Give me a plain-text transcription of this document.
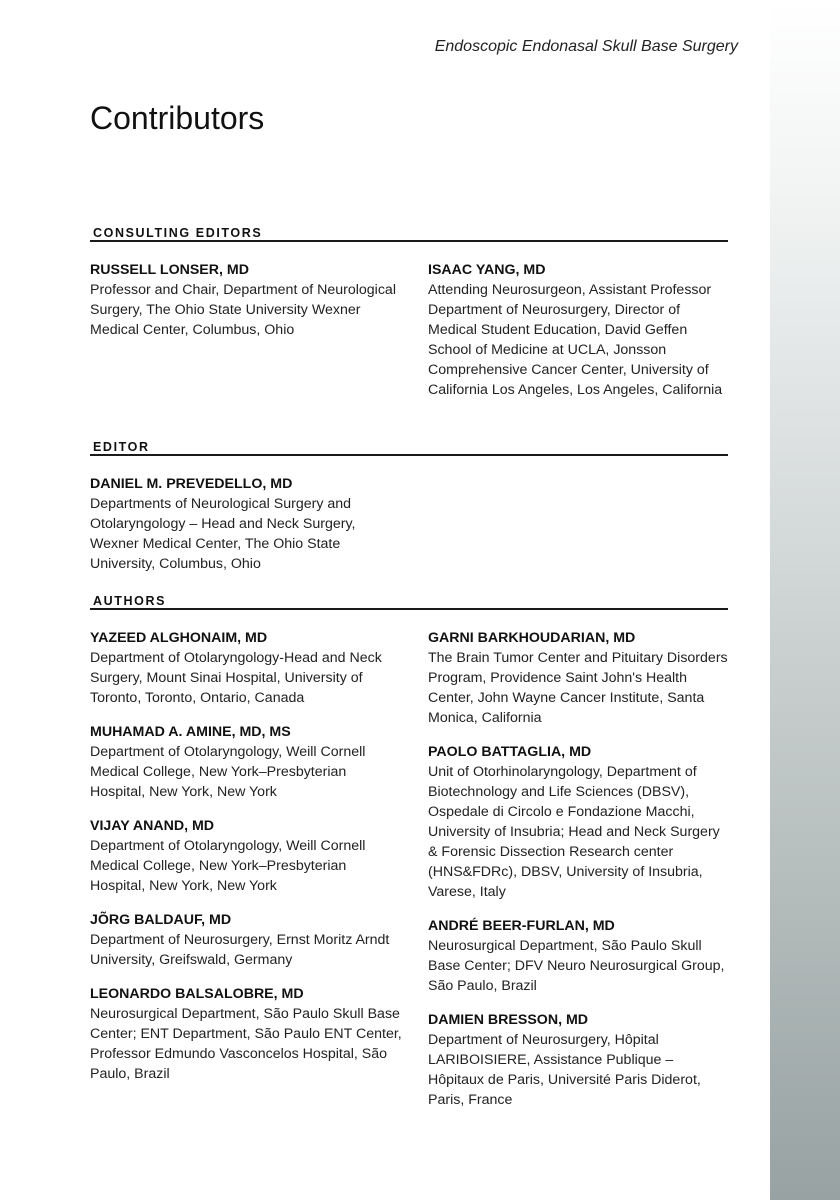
Endoscopic Endonasal Skull Base Surgery
Contributors
CONSULTING EDITORS
RUSSELL LONSER, MD
Professor and Chair, Department of Neurological Surgery, The Ohio State University Wexner Medical Center, Columbus, Ohio
ISAAC YANG, MD
Attending Neurosurgeon, Assistant Professor Department of Neurosurgery, Director of Medical Student Education, David Geffen School of Medicine at UCLA, Jonsson Comprehensive Cancer Center, University of California Los Angeles, Los Angeles, California
EDITOR
DANIEL M. PREVEDELLO, MD
Departments of Neurological Surgery and Otolaryngology – Head and Neck Surgery, Wexner Medical Center, The Ohio State University, Columbus, Ohio
AUTHORS
YAZEED ALGHONAIM, MD
Department of Otolaryngology-Head and Neck Surgery, Mount Sinai Hospital, University of Toronto, Toronto, Ontario, Canada
MUHAMAD A. AMINE, MD, MS
Department of Otolaryngology, Weill Cornell Medical College, New York–Presbyterian Hospital, New York, New York
VIJAY ANAND, MD
Department of Otolaryngology, Weill Cornell Medical College, New York–Presbyterian Hospital, New York, New York
JÕRG BALDAUF, MD
Department of Neurosurgery, Ernst Moritz Arndt University, Greifswald, Germany
LEONARDO BALSALOBRE, MD
Neurosurgical Department, São Paulo Skull Base Center; ENT Department, São Paulo ENT Center, Professor Edmundo Vasconcelos Hospital, São Paulo, Brazil
GARNI BARKHOUDARIAN, MD
The Brain Tumor Center and Pituitary Disorders Program, Providence Saint John's Health Center, John Wayne Cancer Institute, Santa Monica, California
PAOLO BATTAGLIA, MD
Unit of Otorhinolaryngology, Department of Biotechnology and Life Sciences (DBSV), Ospedale di Circolo e Fondazione Macchi, University of Insubria; Head and Neck Surgery & Forensic Dissection Research center (HNS&FDRc), DBSV, University of Insubria, Varese, Italy
ANDRÉ BEER-FURLAN, MD
Neurosurgical Department, São Paulo Skull Base Center; DFV Neuro Neurosurgical Group, São Paulo, Brazil
DAMIEN BRESSON, MD
Department of Neurosurgery, Hôpital LARIBOISIERE, Assistance Publique – Hôpitaux de Paris, Université Paris Diderot, Paris, France
